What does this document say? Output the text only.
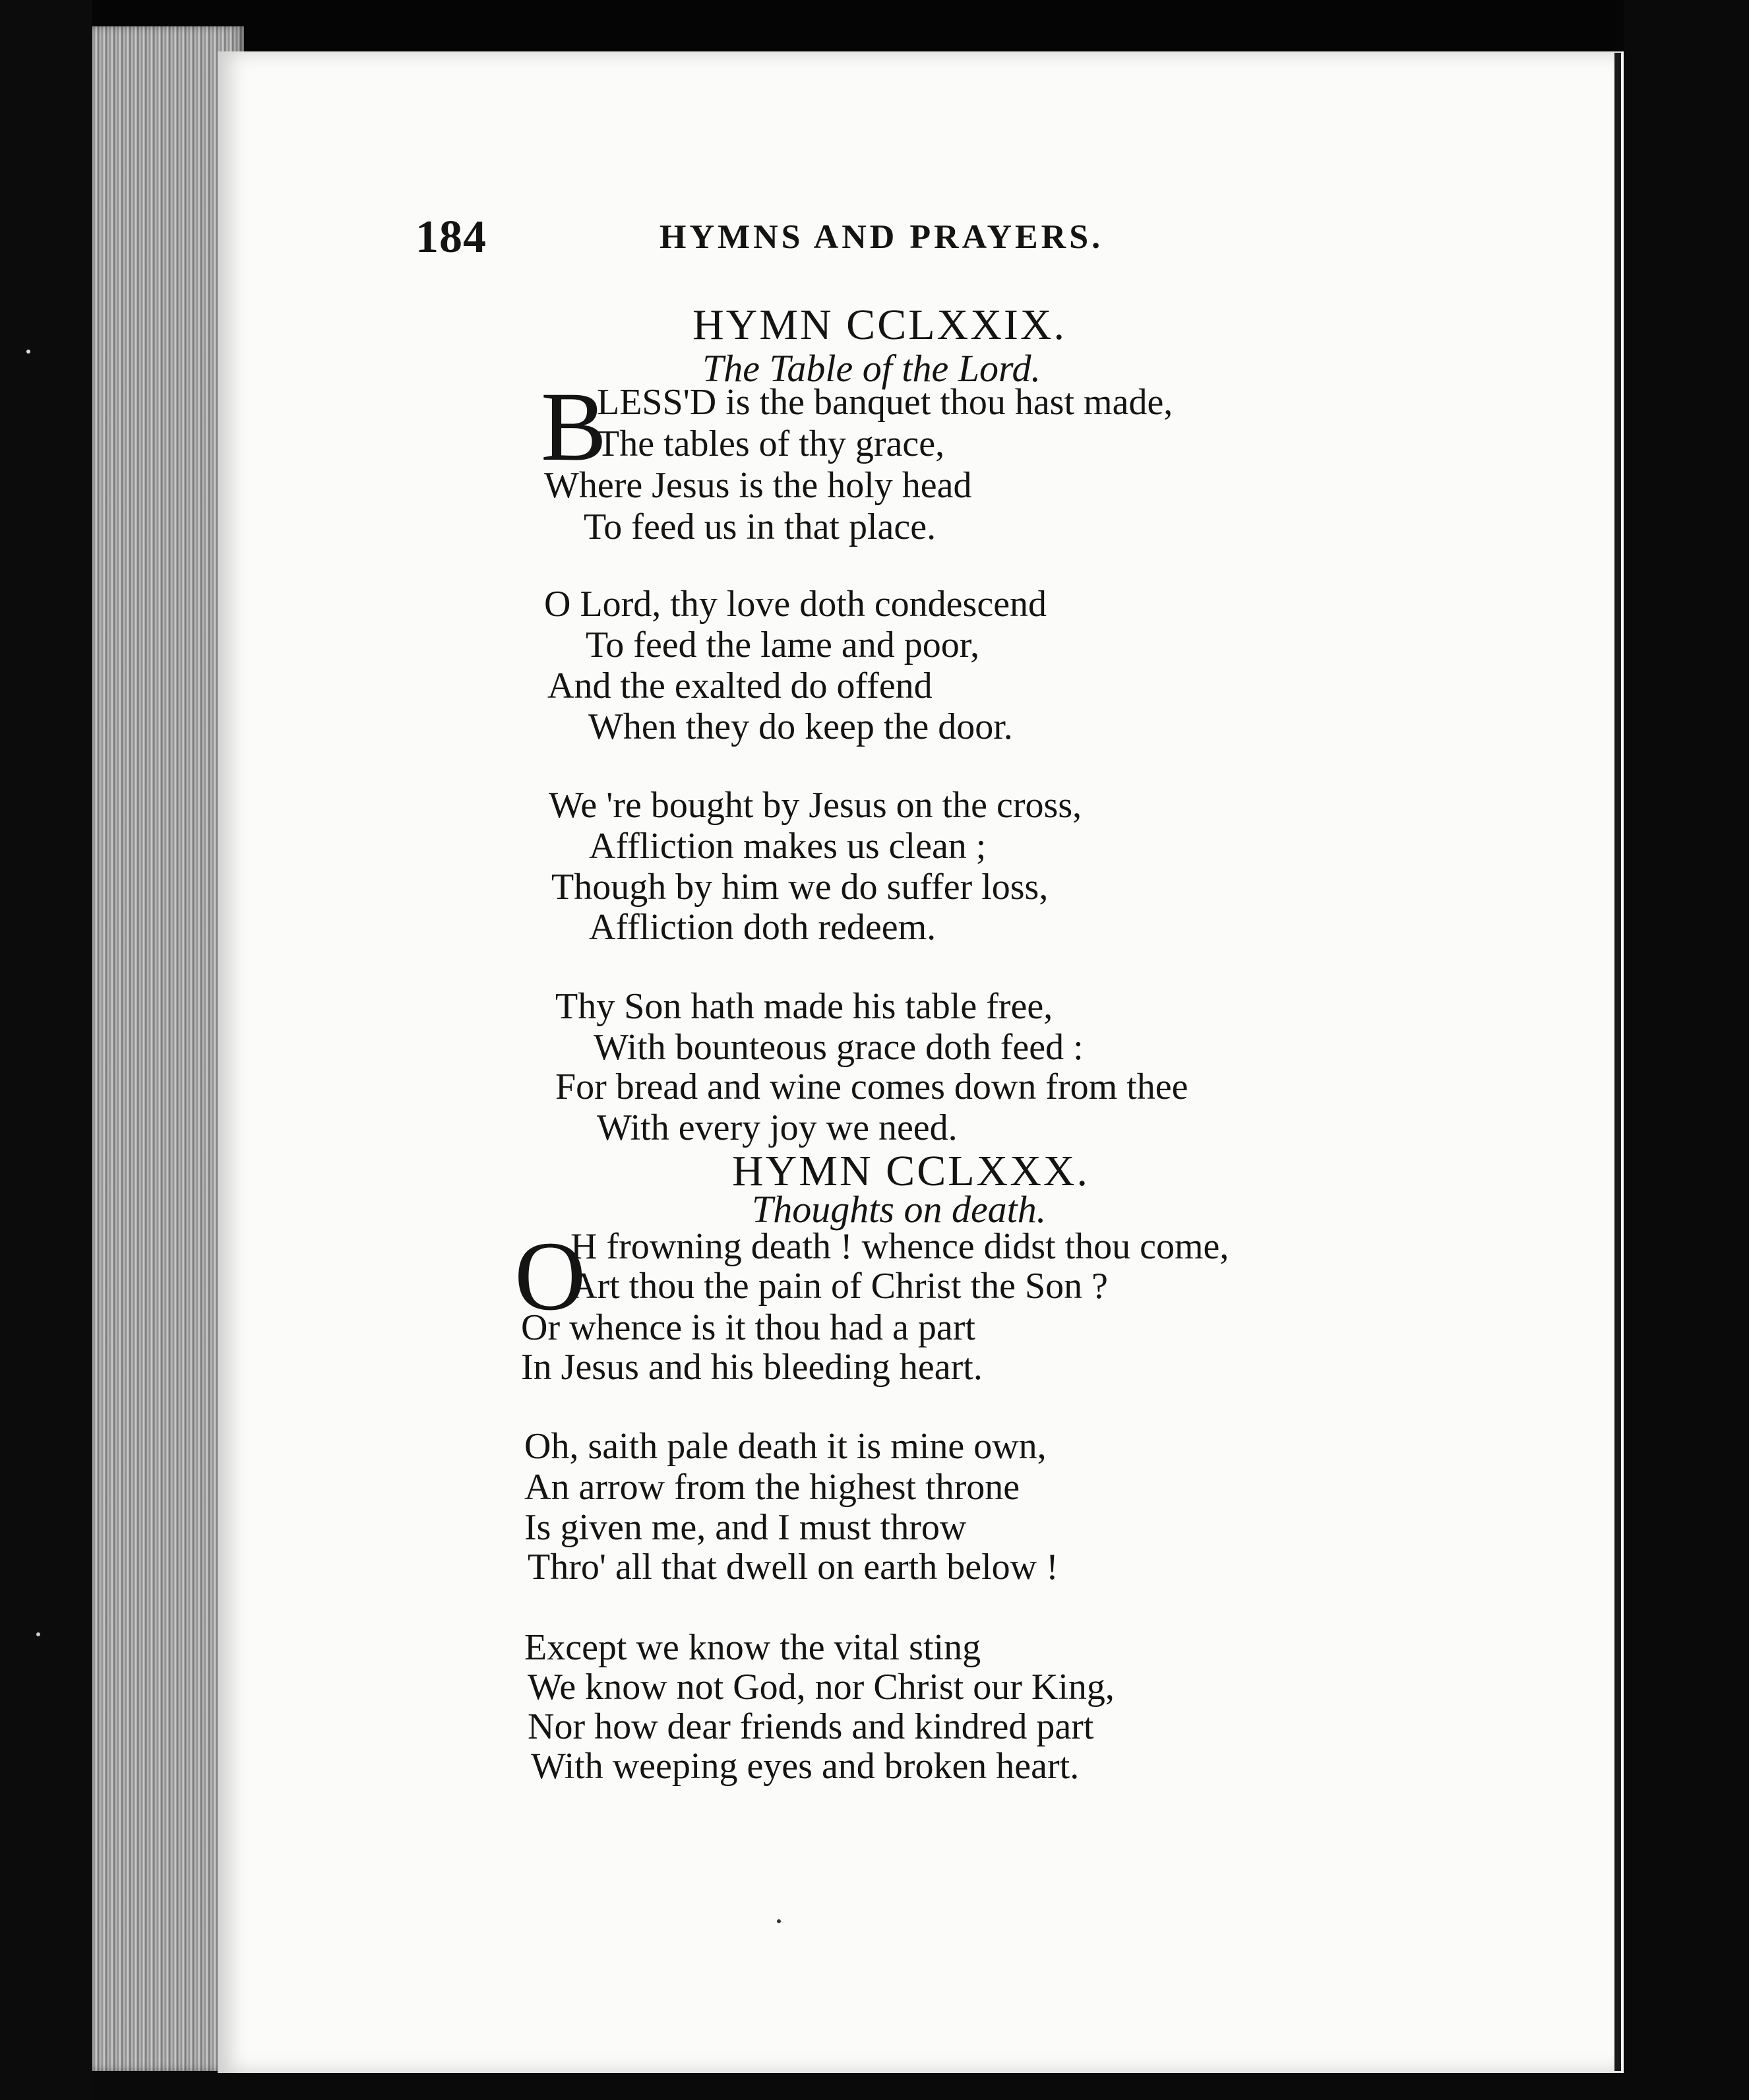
184	HYMNS AND PRAYERS.
HYMN CCLXXIX.
The Table of the Lord.
B
LESS'D is the banquet thou hast made,
The tables of thy grace,
Where Jesus is the holy head
To feed us in that place.
O Lord, thy love doth condescend
To feed the lame and poor,
And the exalted do offend
When they do keep the door.
We 're bought by Jesus on the cross,
Affliction makes us clean ;
Though by him we do suffer loss,
Affliction doth redeem.
Thy Son hath made his table free,
With bounteous grace doth feed :
For bread and wine comes down from thee
With every joy we need.
HYMN CCLXXX.
Thoughts on death.
O
H frowning death ! whence didst thou come,
Art thou the pain of Christ the Son ?
Or whence is it thou had a part
In Jesus and his bleeding heart.
Oh, saith pale death it is mine own,
An arrow from the highest throne
Is given me, and I must throw
Thro' all that dwell on earth below !
Except we know the vital sting
We know not God, nor Christ our King,
Nor how dear friends and kindred part
With weeping eyes and broken heart.
